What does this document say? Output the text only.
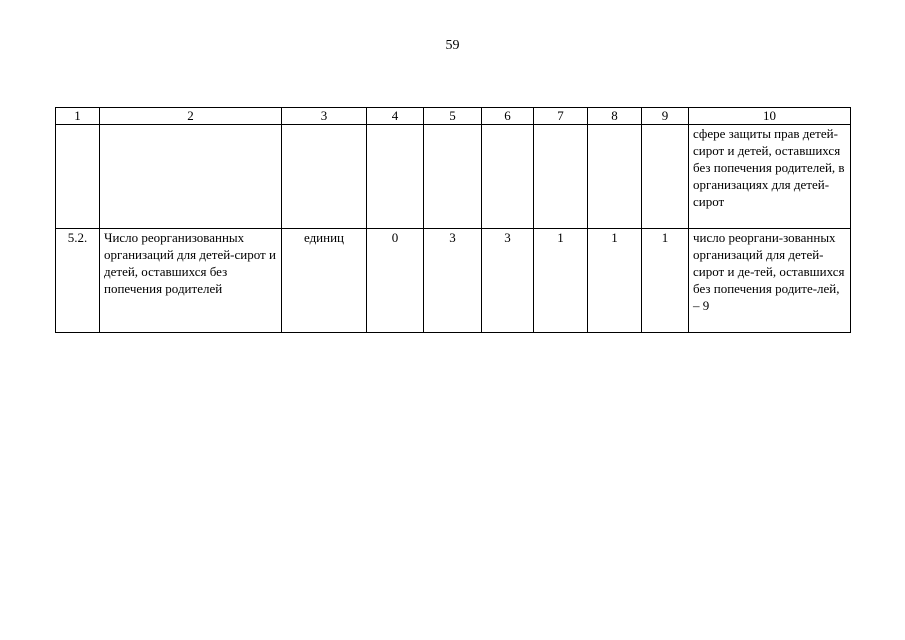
59
1	2	3	4	5	6	7	8	9	10
									сфере защиты прав детей-сирот и детей, оставшихся без попечения родителей, в организациях для детей-сирот
5.2.	Число реорганизованных организаций для детей-сирот и детей, оставшихся без попечения родителей	единиц	0	3	3	1	1	1	число реоргани-зованных организаций для детей-сирот и де-тей, оставшихся без попечения родите-лей, – 9
